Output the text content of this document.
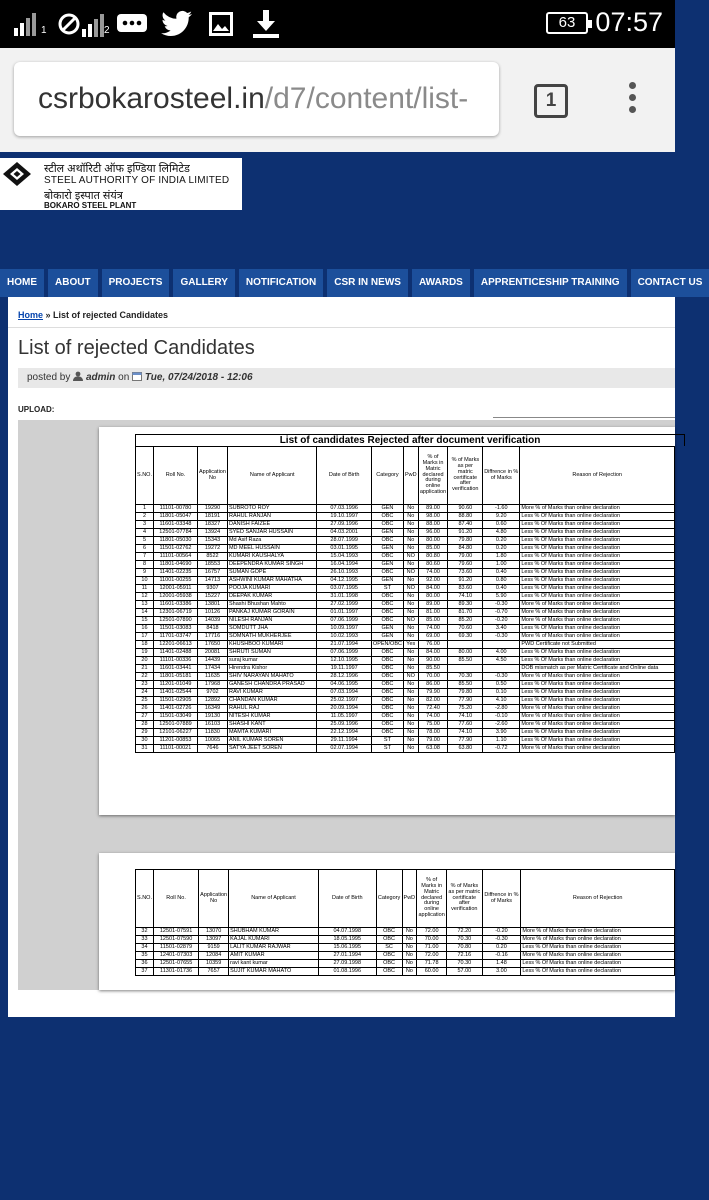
1	2	63 07:57
csrbokarosteel.in/d7/content/list-	1
स्टील अथॉरिटी ऑफ इण्डिया लिमिटेड
STEEL AUTHORITY OF INDIA LIMITED
बोकारो इस्पात संयंत्र
BOKARO STEEL PLANT
HOME	ABOUT	PROJECTS	GALLERY	NOTIFICATION	CSR IN NEWS	AWARDS	APPRENTICESHIP TRAINING	CONTACT US
Home » List of rejected Candidates
List of rejected Candidates
posted by admin on Tue, 07/24/2018 - 12:06
UPLOAD:
List of candidates Rejected after document verification
S.NO.	Roll No.	Application No	Name of Applicant	Date of Birth	Category	PwD	% of Marks in Matric declared during online application	% of Marks as per matric certificate after verification	Diffrence in % of Marks	Reason of Rejection
1	11101-00780	19290	SUBROTO ROY	07.03.1996	GEN	No	89.00	90.60	-1.60	More % of Marks than online declaration
2	11801-05047	18191	RAHUL RANJAN	19.10.1997	OBC	No	98.00	88.80	9.20	Less % Of Marks than online declaration
3	11601-03348	18327	DANISH FAIZEE	27.09.1996	OBC	No	88.00	87.40	0.60	Less % Of Marks than online declaration
4	12501-07784	13924	SYED SANJAR HUSSAIN	04.03.2001	GEN	No	96.00	91.20	4.80	Less % Of Marks than online declaration
5	11801-05030	15343	Md Asif Raza	28.07.1999	OBC	No	80.00	79.80	0.20	Less % Of Marks than online declaration
6	11501-02762	19272	MD MEEL HUSSAIN	03.01.1995	GEN	No	85.00	84.80	0.20	Less % Of Marks than online declaration
7	11101-00564	8522	KUMARI KAUSHALYA	15.04.1993	OBC	NO	80.80	79.00	1.80	Less % Of Marks than online declaration
8	11801-04690	18553	DEEPENDRA KUMAR SINGH	16.04.1994	GEN	No	80.60	79.60	1.00	Less % Of Marks than online declaration
9	11401-02235	16757	SUMAN GOPE	26.10.1993	OBC	NO	74.00	73.60	0.40	Less % Of Marks than online declaration
10	11001-00255	14713	ASHWINI KUMAR MAHATHA	04.12.1995	GEN	No	92.00	91.20	0.80	Less % Of Marks than online declaration
11	12001-05911	9307	POOJA KUMARI	03.07.1995	ST	NO	84.00	83.60	0.40	Less % Of Marks than online declaration
12	12001-05938	15227	DEEPAK KUMAR	31.01.1998	OBC	No	80.00	74.10	5.90	Less % Of Marks than online declaration
13	11601-03386	13801	Shashi Bhushan Mahto	27.02.1999	OBC	No	89.00	89.30	-0.30	More % of Marks than online declaration
14	12301-06719	10126	PANKAJ KUMAR GORAIN	01.01.1997	OBC	No	81.00	81.70	-0.70	More % of Marks than online declaration
15	12501-07890	14039	NILESH RANJAN	07.06.1999	OBC	NO	85.00	85.20	-0.20	More % of Marks than online declaration
16	11501-03083	8418	SOMDUTT JHA	10.09.1997	GEN	No	74.00	70.60	3.40	Less % Of Marks than online declaration
17	11701-03747	17716	SOMNATH MUKHERJEE	10.02.1993	GEN	No	69.00	69.30	-0.30	More % of Marks than online declaration
18	12201-06613	17650	KHUSHBOO KUMARI	21.07.1994	OPEN/OBC	Yes	76.00			PWD Certificate not Submitted
19	11401-02488	20081	SHRUTI SUMAN	07.06.1999	OBC	No	84.00	80.00	4.00	Less % Of Marks than online declaration
20	11101-00336	14439	suraj kumar	12.10.1995	OBC	No	90.00	85.50	4.50	Less % Of Marks than online declaration
21	11601-03441	17434	Hirendra Kishor	19.11.1997	OBC	No	85.50			DOB mismatch as per Matric Certificate and Online data
22	11801-05181	11635	SHIV NARAYAN MAHATO	28.12.1996	OBC	NO	70.00	70.30	-0.30	More % of Marks than online declaration
23	11201-01049	17968	GANESH CHANDRA PRASAD	04.06.1995	OBC	No	86.00	85.50	0.50	Less % Of Marks than online declaration
24	11401-02544	9702	RAVI KUMAR	07.03.1994	OBC	No	79.90	79.80	0.10	Less % Of Marks than online declaration
25	11501-02905	12892	CHANDAN KUMAR	25.02.1997	OBC	No	82.00	77.90	4.10	Less % Of Marks than online declaration
26	11401-02726	16349	RAHUL RAJ	20.09.1994	OBC	No	72.40	75.20	-2.80	More % of Marks than online declaration
27	11501-03049	19130	NITESH KUMAR	11.05.1997	OBC	No	74.00	74.10	-0.10	More % of Marks than online declaration
28	12501-07889	16103	SHASHI KANT	25.09.1996	OBC	No	75.00	77.60	-2.60	More % of Marks than online declaration
29	12101-06227	11830	MAMTA KUMARI	22.12.1994	OBC	No	78.00	74.10	3.90	Less % Of Marks than online declaration
30	11201-00853	10065	ANIL KUMAR SOREN	29.11.1994	ST	No	79.00	77.90	1.10	Less % Of Marks than online declaration
31	11101-00021	7646	SATYA JEET SOREN	02.07.1994	ST	No	63.08	63.80	-0.72	More % of Marks than online declaration
S.NO.	Roll No.	Application No	Name of Applicant	Date of Birth	Category	PwD	% of Marks in Matric declared during online application	% of Marks as per matric certificate after verification	Diffrence in % of Marks	Reason of Rejection
32	12501-07591	13070	SHUBHAM KUMAR	04.07.1998	OBC	No	72.00	72.20	-0.20	More % of Marks than online declaration
33	12501-07590	13097	KAJAL KUMARI	18.05.1995	OBC	No	70.00	70.30	-0.30	More % of Marks than online declaration
34	11501-02879	9159	LALIT KUMAR RAJWAR	15.06.1995	SC	No	71.00	70.80	0.20	Less % Of Marks than online declaration
35	12401-07303	12084	AMIT KUMAR	27.01.1994	OBC	No	72.00	72.16	-0.16	More % of Marks than online declaration
36	12501-07655	10359	ravi kant kumar	27.09.1998	OBC	No	71.78	70.30	1.48	Less % Of Marks than online declaration
37	11301-01736	7657	SUJIT KUMAR MAHATO	01.08.1996	OBC	No	60.00	57.00	3.00	Less % Of Marks than online declaration
